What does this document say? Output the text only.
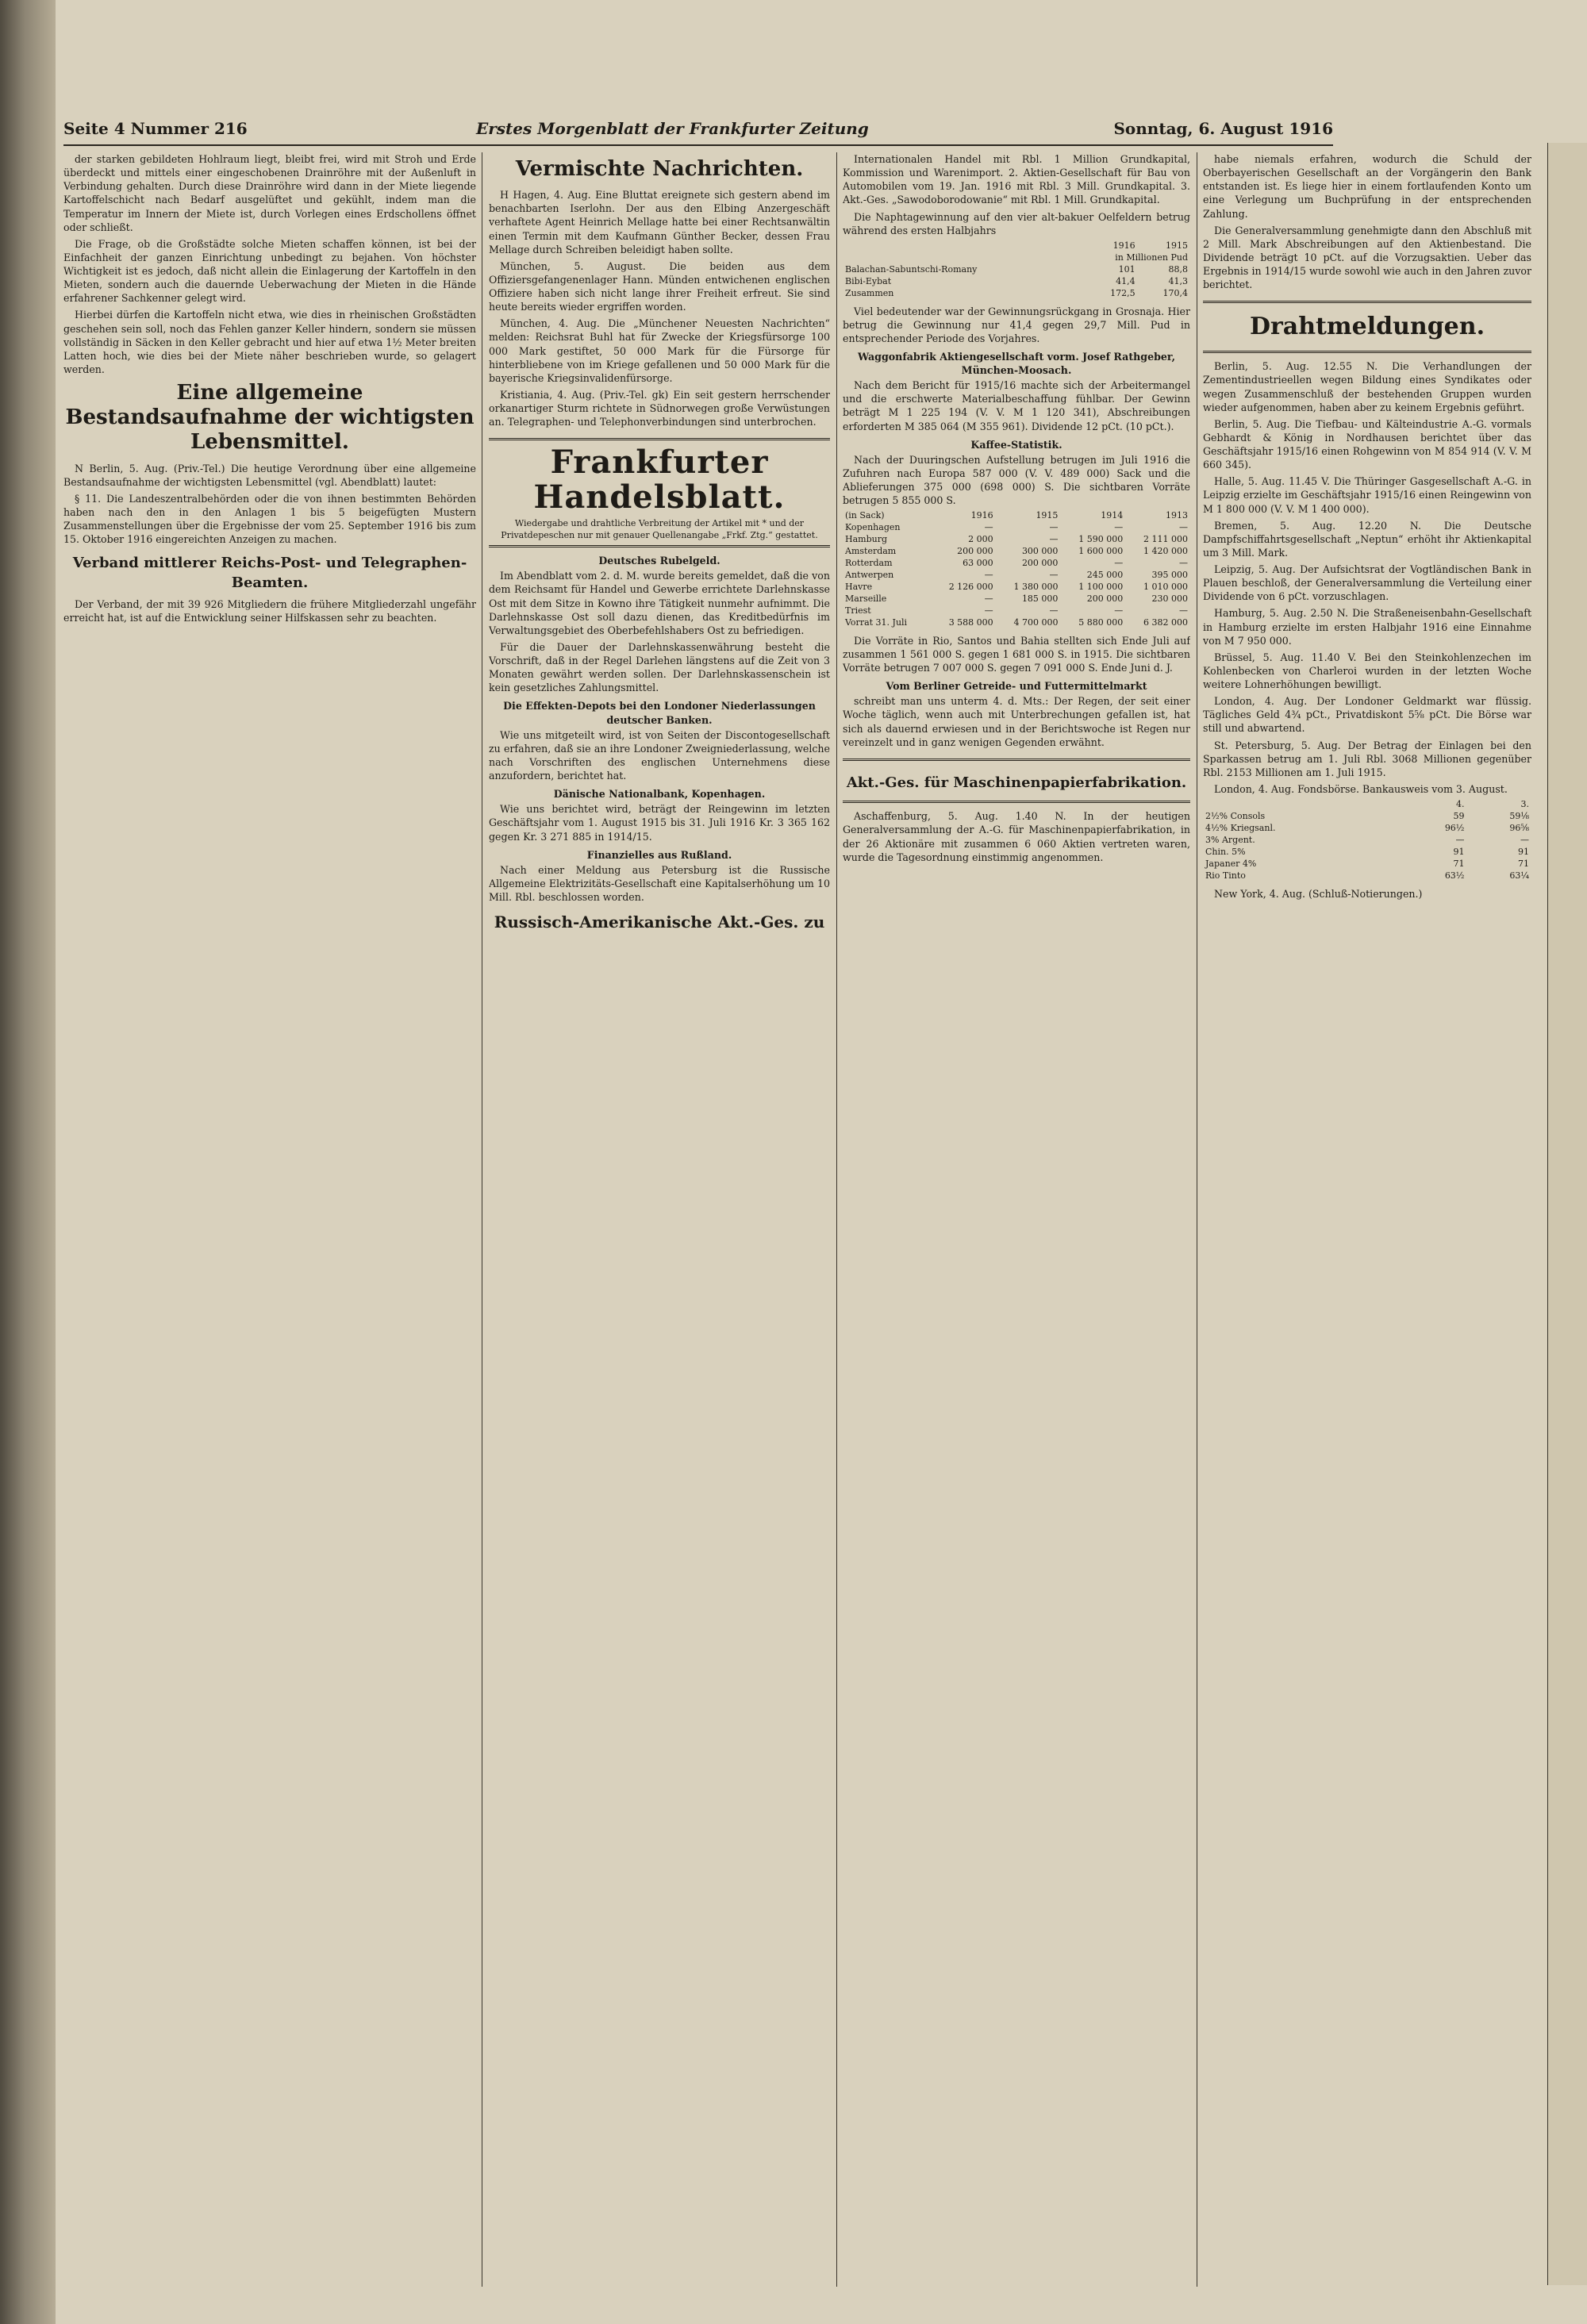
Seite 4 Nummer 216	Erstes Morgenblatt der Frankfurter Zeitung	Sonntag, 6. August 1916

der starken gebildeten Hohlraum liegt, bleibt frei, wird mit Stroh und Erde überdeckt und mittels einer eingeschobenen Drainröhre mit der Außenluft in Verbindung gehalten. Durch diese Drainröhre wird dann in der Miete liegende Kartoffelschicht nach Bedarf ausgelüftet und gekühlt, indem man die Temperatur im Innern der Miete ist, durch Vorlegen eines Erdschollens öffnet oder schließt.

Die Frage, ob die Großstädte solche Mieten schaffen können, ist bei der Einfachheit der ganzen Einrichtung unbedingt zu bejahen. Von höchster Wichtigkeit ist es jedoch, daß nicht allein die Einlagerung der Kartoffeln in den Mieten, sondern auch die dauernde Ueberwachung der Mieten in die Hände erfahrener Sachkenner gelegt wird.

Hierbei dürfen die Kartoffeln nicht etwa, wie dies in rheinischen Großstädten geschehen sein soll, noch das Fehlen ganzer Keller hindern, sondern sie müssen vollständig in Säcken in den Keller gebracht und hier auf etwa 1½ Meter breiten Latten hoch, wie dies bei der Miete näher beschrieben wurde, so gelagert werden.

Eine allgemeine Bestandsaufnahme der wichtigsten Lebensmittel.

N Berlin, 5. Aug. (Priv.-Tel.) Die heutige Verordnung über eine allgemeine Bestandsaufnahme der wichtigsten Lebensmittel (vgl. Abendblatt) lautet:

§ 11. Die Landeszentralbehörden oder die von ihnen bestimmten Behörden haben nach den in den Anlagen 1 bis 5 beigefügten Mustern Zusammenstellungen über die Ergebnisse der vom 25. September 1916 bis zum 15. Oktober 1916 eingereichten Anzeigen zu machen.

Verband mittlerer Reichs-Post- und Telegraphen-Beamten.

Der Verband, der mit 39 926 Mitgliedern die frühere Mitgliederzahl ungefähr erreicht hat, ist auf die Entwicklung seiner Hilfskassen sehr zu beachten.

Vermischte Nachrichten.

H Hagen, 4. Aug. Eine Bluttat ereignete sich gestern abend im benachbarten Iserlohn. Der aus den Elbing Anzergeschäft verhaftete Agent Heinrich Mellage hatte bei einer Rechtsanwältin einen Termin mit dem Kaufmann Günther Becker, dessen Frau Mellage durch Schreiben beleidigt haben sollte.

München, 5. August. Die beiden aus dem Offiziersgefangenenlager Hann. Münden entwichenen englischen Offiziere haben sich nicht lange ihrer Freiheit erfreut. Sie sind heute bereits wieder ergriffen worden.

München, 4. Aug. Die „Münchener Neuesten Nachrichten“ melden: Reichsrat Buhl hat für Zwecke der Kriegsfürsorge 100 000 Mark gestiftet, 50 000 Mark für die Fürsorge für hinterbliebene von im Kriege gefallenen und 50 000 Mark für die bayerische Kriegsinvalidenfürsorge.

Kristiania, 4. Aug. (Priv.-Tel. gk) Ein seit gestern herrschender orkanartiger Sturm richtete in Südnorwegen große Verwüstungen an. Telegraphen- und Telephonverbindungen sind unterbrochen.

Frankfurter Handelsblatt.
Wiedergabe und drahtliche Verbreitung der Artikel mit * und der Privatdepeschen nur mit genauer Quellenangabe „Frkf. Ztg.“ gestattet.
Deutsches Rubelgeld.

Im Abendblatt vom 2. d. M. wurde bereits gemeldet, daß die von dem Reichsamt für Handel und Gewerbe errichtete Darlehnskasse Ost mit dem Sitze in Kowno ihre Tätigkeit nunmehr aufnimmt. Die Darlehnskasse Ost soll dazu dienen, das Kreditbedürfnis im Verwaltungsgebiet des Oberbefehlshabers Ost zu befriedigen.

Für die Dauer der Darlehnskassenwährung besteht die Vorschrift, daß in der Regel Darlehen längstens auf die Zeit von 3 Monaten gewährt werden sollen. Der Darlehnskassenschein ist kein gesetzliches Zahlungsmittel.

Die Effekten-Depots bei den Londoner Niederlassungen deutscher Banken.

Wie uns mitgeteilt wird, ist von Seiten der Discontogesellschaft zu erfahren, daß sie an ihre Londoner Zweigniederlassung, welche nach Vorschriften des englischen Unternehmens diese anzufordern, berichtet hat.

Dänische Nationalbank, Kopenhagen.

Wie uns berichtet wird, beträgt der Reingewinn im letzten Geschäftsjahr vom 1. August 1915 bis 31. Juli 1916 Kr. 3 365 162 gegen Kr. 3 271 885 in 1914/15.

Finanzielles aus Rußland.

Nach einer Meldung aus Petersburg ist die Russische Allgemeine Elektrizitäts-Gesellschaft eine Kapitalserhöhung um 10 Mill. Rbl. beschlossen worden.

Russisch-Amerikanische Akt.-Ges. zu

Internationalen Handel mit Rbl. 1 Million Grundkapital, Kommission und Warenimport. 2. Aktien-Gesellschaft für Bau von Automobilen vom 19. Jan. 1916 mit Rbl. 3 Mill. Grundkapital. 3. Akt.-Ges. „Sawodoborodowanie“ mit Rbl. 1 Mill. Grundkapital.

Die Naphtagewinnung auf den vier alt-bakuer Oelfeldern betrug während des ersten Halbjahrs

	1916	1915
in Millionen Pud		
Balachan-Sabuntschi-Romany	101	88,8
Bibi-Eybat	41,4	41,3
Zusammen	172,5	170,4

Viel bedeutender war der Gewinnungsrückgang in Grosnaja. Hier betrug die Gewinnung nur 41,4 gegen 29,7 Mill. Pud in entsprechender Periode des Vorjahres.

Waggonfabrik Aktiengesellschaft vorm. Josef Rathgeber, München-Moosach.

Nach dem Bericht für 1915/16 machte sich der Arbeitermangel und die erschwerte Materialbeschaffung fühlbar. Der Gewinn beträgt M 1 225 194 (V. V. M 1 120 341), Abschreibungen erforderten M 385 064 (M 355 961). Dividende 12 pCt. (10 pCt.).

Kaffee-Statistik.

Nach der Duuringschen Aufstellung betrugen im Juli 1916 die Zufuhren nach Europa 587 000 (V. V. 489 000) Sack und die Ablieferungen 375 000 (698 000) S. Die sichtbaren Vorräte betrugen 5 855 000 S.

(in Sack)	1916	1915	1914	1913
Kopenhagen	—	—	—	—
Hamburg	2 000	—	1 590 000	2 111 000
Amsterdam	200 000	300 000	1 600 000	1 420 000
Rotterdam	63 000	200 000	—	—
Antwerpen	—	—	245 000	395 000
Havre	2 126 000	1 380 000	1 100 000	1 010 000
Marseille	—	185 000	200 000	230 000
Triest	—	—	—	—
Vorrat 31. Juli	3 588 000	4 700 000	5 880 000	6 382 000

Die Vorräte in Rio, Santos und Bahia stellten sich Ende Juli auf zusammen 1 561 000 S. gegen 1 681 000 S. in 1915. Die sichtbaren Vorräte betrugen 7 007 000 S. gegen 7 091 000 S. Ende Juni d. J.

Vom Berliner Getreide- und Futtermittelmarkt

schreibt man uns unterm 4. d. Mts.: Der Regen, der seit einer Woche täglich, wenn auch mit Unterbrechungen gefallen ist, hat sich als dauernd erwiesen und in der Berichtswoche ist Regen nur vereinzelt und in ganz wenigen Gegenden erwähnt.

Akt.-Ges. für Maschinenpapierfabrikation.

Aschaffenburg, 5. Aug. 1.40 N. In der heutigen Generalversammlung der A.-G. für Maschinenpapierfabrikation, in der 26 Aktionäre mit zusammen 6 060 Aktien vertreten waren, wurde die Tagesordnung einstimmig angenommen.

habe niemals erfahren, wodurch die Schuld der Oberbayerischen Gesellschaft an der Vorgängerin den Bank entstanden ist. Es liege hier in einem fortlaufenden Konto um eine Verlegung um Buchprüfung in der entsprechenden Zahlung.

Die Generalversammlung genehmigte dann den Abschluß mit 2 Mill. Mark Abschreibungen auf den Aktienbestand. Die Dividende beträgt 10 pCt. auf die Vorzugsaktien. Ueber das Ergebnis in 1914/15 wurde sowohl wie auch in den Jahren zuvor berichtet.

Drahtmeldungen.

Berlin, 5. Aug. 12.55 N. Die Verhandlungen der Zementindustrieellen wegen Bildung eines Syndikates oder wegen Zusammenschluß der bestehenden Gruppen wurden wieder aufgenommen, haben aber zu keinem Ergebnis geführt.

Berlin, 5. Aug. Die Tiefbau- und Kälteindustrie A.-G. vormals Gebhardt & König in Nordhausen berichtet über das Geschäftsjahr 1915/16 einen Rohgewinn von M 854 914 (V. V. M 660 345).

Halle, 5. Aug. 11.45 V. Die Thüringer Gasgesellschaft A.-G. in Leipzig erzielte im Geschäftsjahr 1915/16 einen Reingewinn von M 1 800 000 (V. V. M 1 400 000).

Bremen, 5. Aug. 12.20 N. Die Deutsche Dampfschiffahrtsgesellschaft „Neptun“ erhöht ihr Aktienkapital um 3 Mill. Mark.

Leipzig, 5. Aug. Der Aufsichtsrat der Vogtländischen Bank in Plauen beschloß, der Generalversammlung die Verteilung einer Dividende von 6 pCt. vorzuschlagen.

Hamburg, 5. Aug. 2.50 N. Die Straßeneisenbahn-Gesellschaft in Hamburg erzielte im ersten Halbjahr 1916 eine Einnahme von M 7 950 000.

Brüssel, 5. Aug. 11.40 V. Bei den Steinkohlenzechen im Kohlenbecken von Charleroi wurden in der letzten Woche weitere Lohnerhöhungen bewilligt.

London, 4. Aug. Der Londoner Geldmarkt war flüssig. Tägliches Geld 4¾ pCt., Privatdiskont 5⅝ pCt. Die Börse war still und abwartend.

St. Petersburg, 5. Aug. Der Betrag der Einlagen bei den Sparkassen betrug am 1. Juli Rbl. 3068 Millionen gegenüber Rbl. 2153 Millionen am 1. Juli 1915.

London, 4. Aug. Fondsbörse. Bankausweis vom 3. August.

	4.	3.
2½% Consols	59	59⅛
4½% Kriegsanl.	96½	96⅝
3% Argent.	—	—
Chin. 5%	91	91
Japaner 4%	71	71
Rio Tinto	63½	63¼

New York, 4. Aug. (Schluß-Notierungen.)
